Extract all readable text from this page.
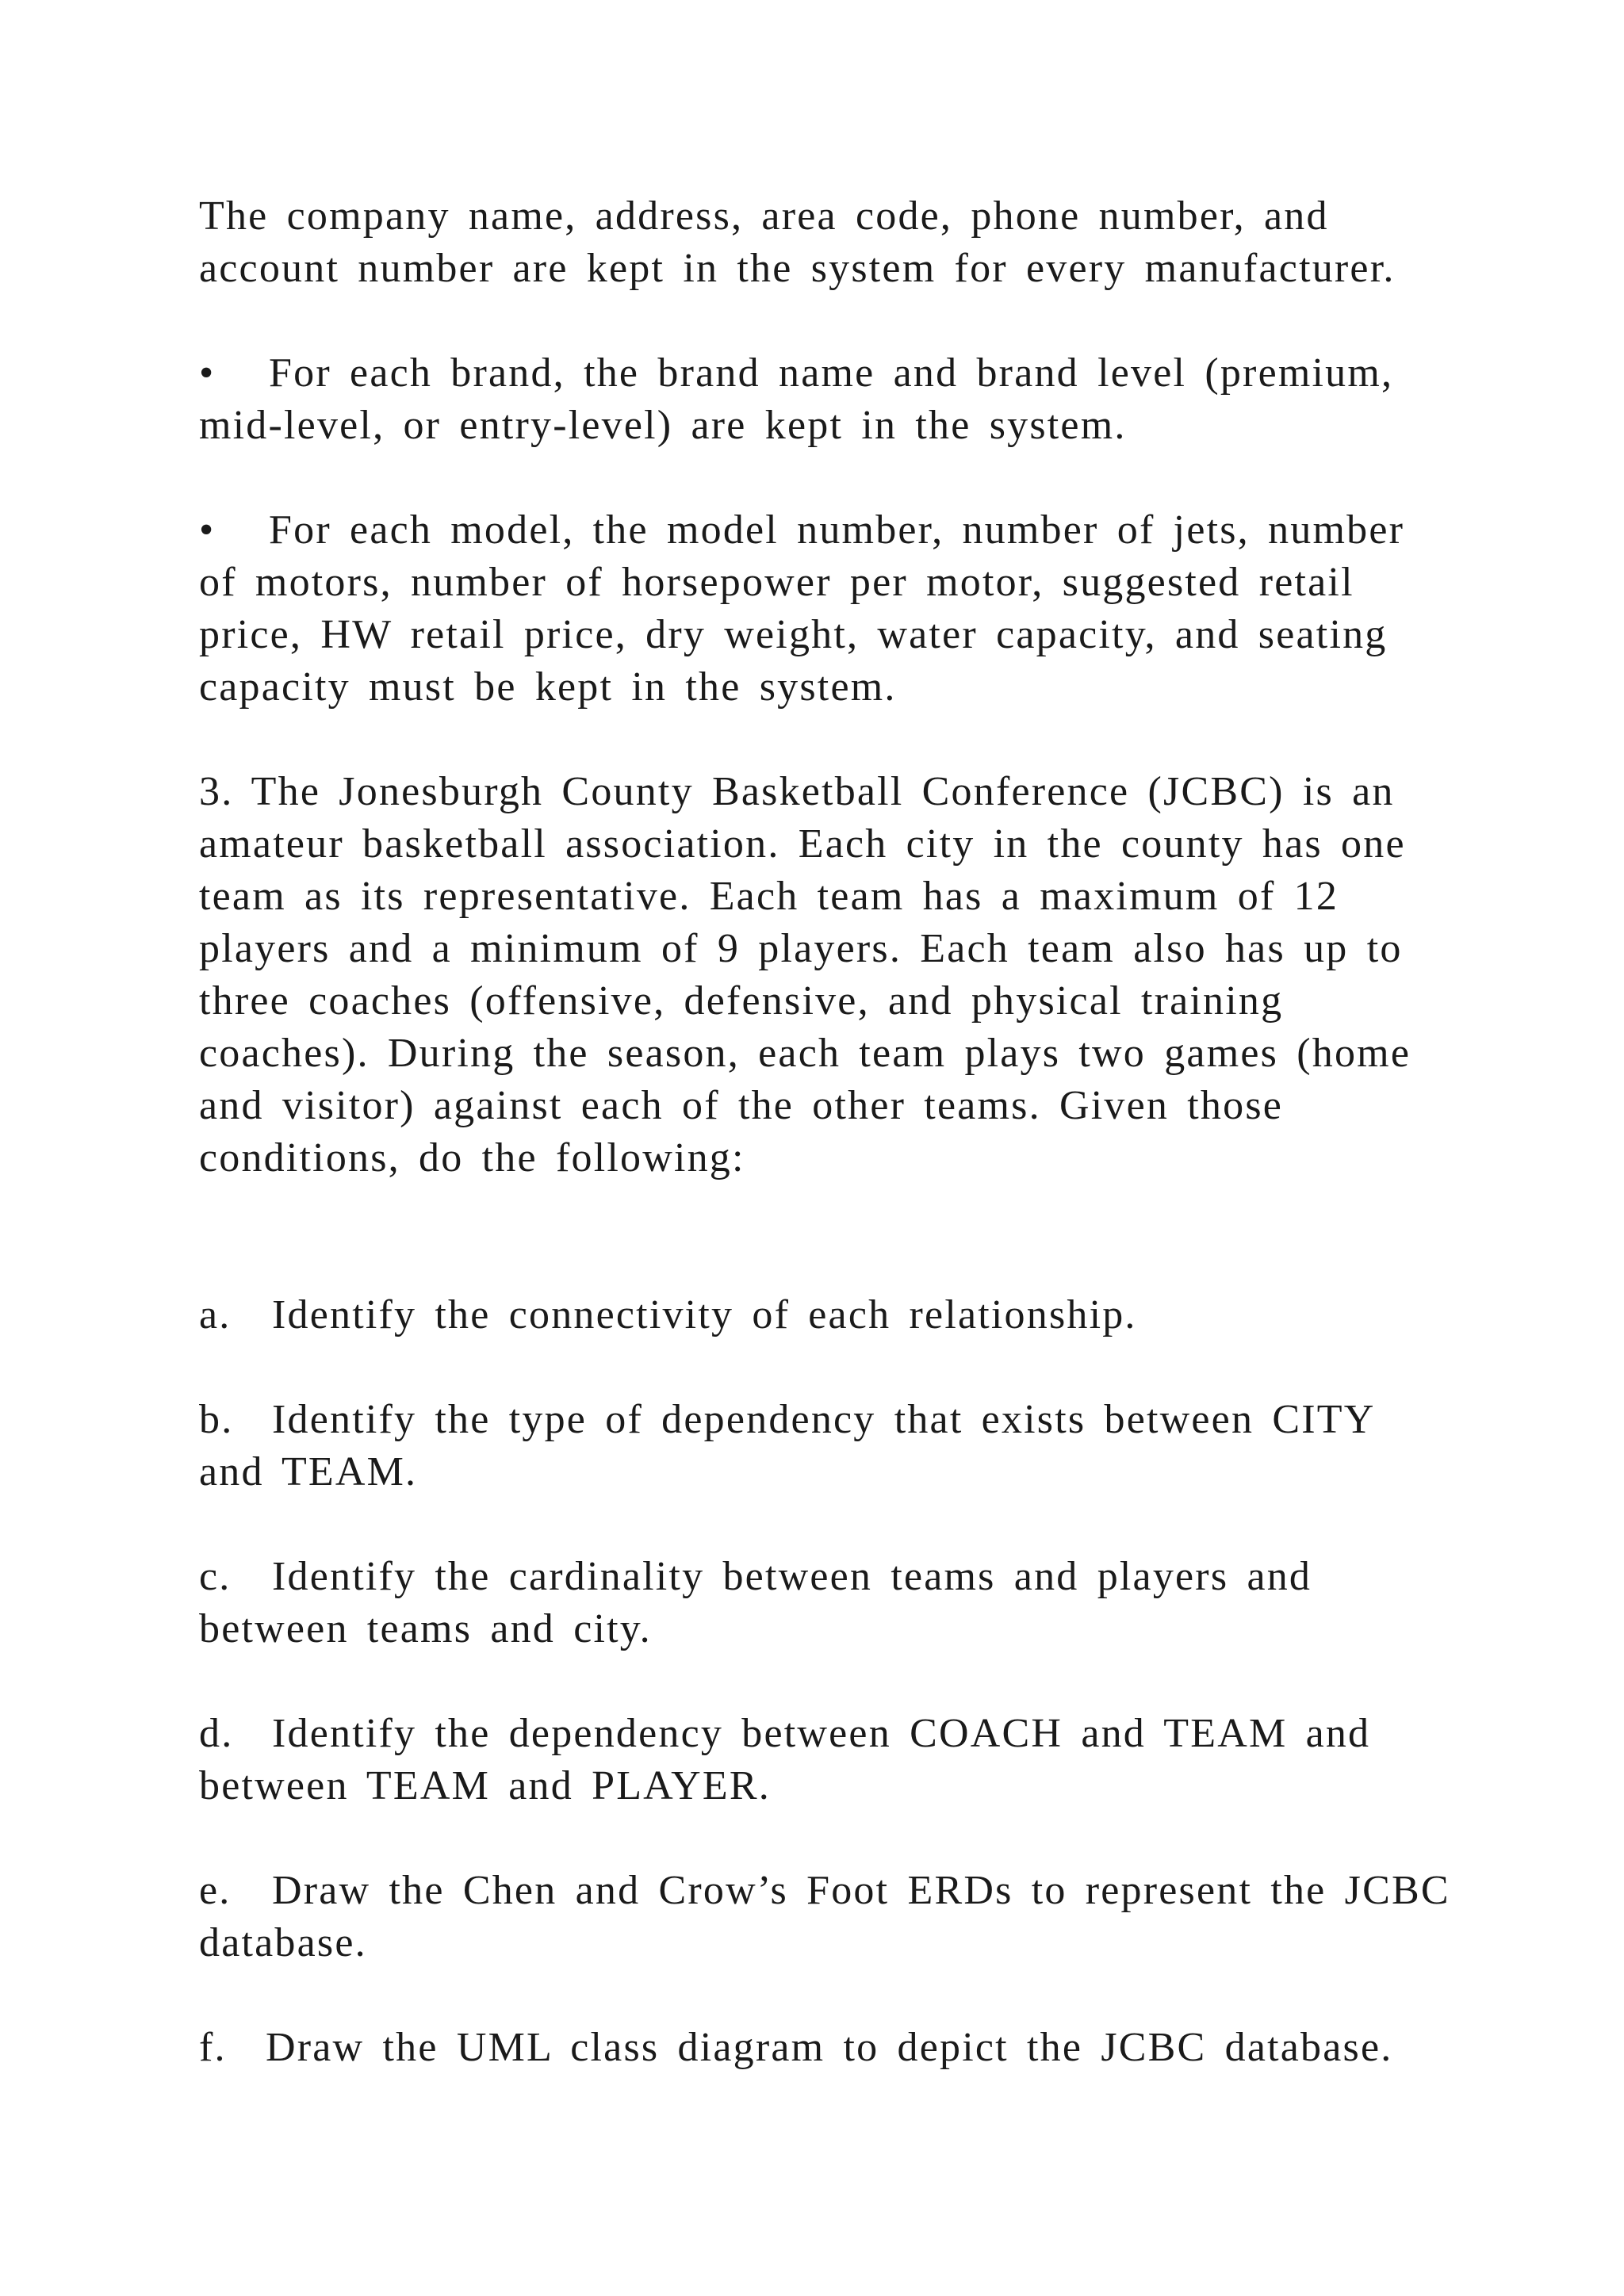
The company name, address, area code, phone number, and account number are kept in the system for every manufacturer.

• For each brand, the brand name and brand level (premium, mid-level, or entry-level) are kept in the system.

• For each model, the model number, number of jets, number of motors, number of horsepower per motor, suggested retail price, HW retail price, dry weight, water capacity, and seating capacity must be kept in the system.

3. The Jonesburgh County Basketball Conference (JCBC) is an amateur basketball association. Each city in the county has one team as its representative. Each team has a maximum of 12 players and a minimum of 9 players. Each team also has up to three coaches (offensive, defensive, and physical training coaches). During the season, each team plays two games (home and visitor) against each of the other teams. Given those conditions, do the following:

a. Identify the connectivity of each relationship.

b. Identify the type of dependency that exists between CITY and TEAM.

c. Identify the cardinality between teams and players and between teams and city.

d. Identify the dependency between COACH and TEAM and between TEAM and PLAYER.

e. Draw the Chen and Crow’s Foot ERDs to represent the JCBC database.

f. Draw the UML class diagram to depict the JCBC database.
